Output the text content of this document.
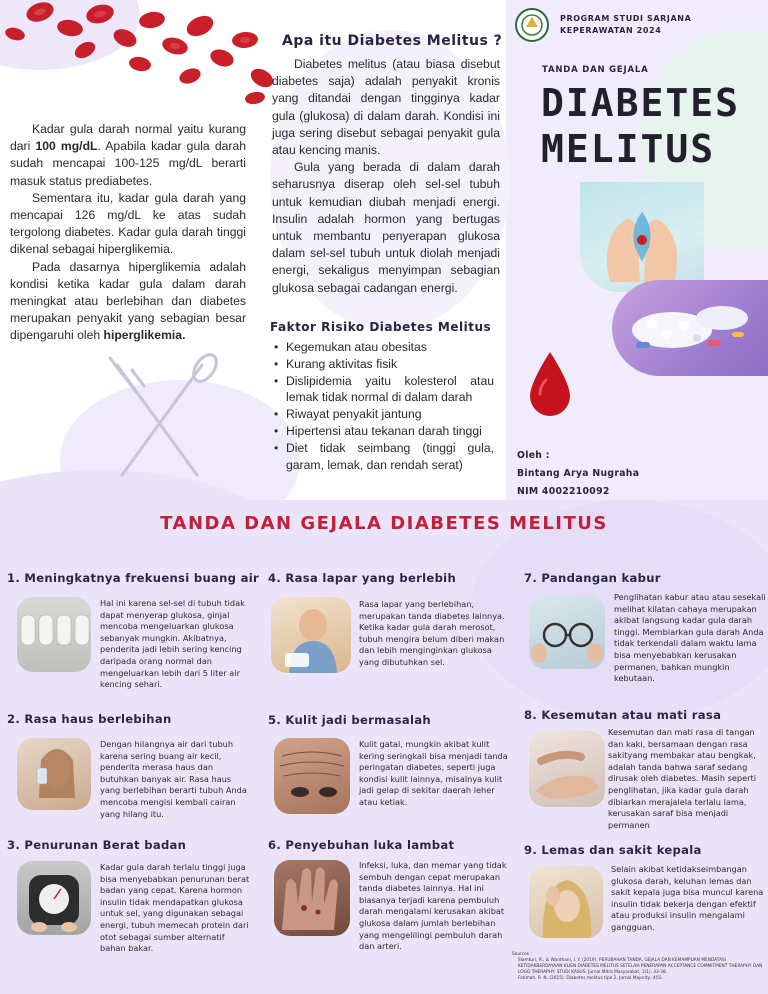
Apa itu Diabetes Melitus ?

Diabetes melitus (atau biasa disebut diabetes saja) adalah penyakit kronis yang ditandai dengan tingginya kadar gula (glukosa) di dalam darah. Kondisi ini juga sering disebut sebagai penyakit gula atau kencing manis.

Gula yang berada di dalam darah seharusnya diserap oleh sel-sel tubuh untuk kemudian diubah menjadi energi. Insulin adalah hormon yang bertugas untuk membantu penyerapan glukosa dalam sel-sel tubuh untuk diolah menjadi energi, sekaligus menyimpan sebagian glukosa sebagai cadangan energi.

Kadar gula darah normal yaitu kurang dari 100 mg/dL. Apabila kadar gula darah sudah mencapai 100-125 mg/dL berarti masuk status prediabetes.

Sementara itu, kadar gula darah yang mencapai 126 mg/dL ke atas sudah tergolong diabetes. Kadar gula darah tinggi dikenal sebagai hiperglikemia.

Pada dasarnya hiperglikemia adalah kondisi ketika kadar gula dalam darah meningkat atau berlebihan dan diabetes merupakan penyakit yang sebagian besar dipengaruhi oleh hiperglikemia.

PROGRAM STUDI SARJANA
KEPERAWATAN 2024
TANDA DAN GEJALA
DIABETES
MELITUS
Oleh :
Bintang Arya Nugraha
NIM 4002210092
Faktor Risiko Diabetes Melitus
• Kegemukan atau obesitas
• Kurang aktivitas fisik
• Dislipidemia yaitu kolesterol atau lemak tidak normal di dalam darah
• Riwayat penyakit jantung
• Hipertensi atau tekanan darah tinggi
• Diet tidak seimbang (tinggi gula, garam, lemak, dan rendah serat)
TANDA DAN GEJALA DIABETES MELITUS
1. Meningkatnya frekuensi buang air
Hal ini karena sel-sel di tubuh tidak dapat menyerap glukosa, ginjal mencoba mengeluarkan glukosa sebanyak mungkin. Akibatnya, penderita jadi lebih sering kencing daripada orang normal dan mengeluarkan lebih dari 5 liter air kencing sehari.
2. Rasa haus berlebihan
Dengan hilangnya air dari tubuh karena sering buang air kecil, penderita merasa haus dan butuhkan banyak air. Rasa haus yang berlebihan berarti tubuh Anda mencoba mengisi kembali cairan yang hilang itu.
3. Penurunan Berat badan
Kadar gula darah terlalu tinggi juga bisa menyebabkan penurunan berat badan yang cepat. Karena hormon insulin tidak mendapatkan glukosa untuk sel, yang digunakan sebagai energi, tubuh memecah protein dari otot sebagai sumber alternatif bahan bakar.
4. Rasa lapar yang berlebih
Rasa lapar yang berlebihan, merupakan tanda diabetes lainnya. Ketika kadar gula darah merosot, tubuh mengira belum diberi makan dan lebih menginginkan glukosa yang dibutuhkan sel.
5. Kulit jadi bermasalah
Kulit gatal, mungkin akibat kulit kering seringkali bisa menjadi tanda peringatan diabetes, seperti juga kondisi kulit lainnya, misalnya kulit jadi gelap di sekitar daerah leher atau ketiak.
6. Penyebuhan luka lambat
Infeksi, luka, dan memar yang tidak sembuh dengan cepat merupakan tanda diabetes lainnya. Hal ini biasanya terjadi karena pembuluh darah mengalami kerusakan akibat glukosa dalam jumlah berlebihan yang mengelilingi pembuluh darah dan arteri.
7. Pandangan kabur
Penglihatan kabur atau atau sesekali melihat kilatan cahaya merupakan akibat langsung kadar gula darah tinggi. Membiarkan gula darah Anda tidak terkendali dalam waktu lama bisa menyebabkan kerusakan permanen, bahkan mungkin kebutaan.
8. Kesemutan atau mati rasa
Kesemutan dan mati rasa di tangan dan kaki, bersamaan dengan rasa sakityang membakar atau bengkak, adalah tanda bahwa saraf sedang dirusak oleh diabetes. Masih seperti penglihatan, jika kadar gula darah dibiarkan merajalela terlalu lama, kerusakan saraf bisa menjadi permanen
9. Lemas dan sakit kepala
Selain akibat ketidakseimbangan glukosa darah, keluhan lemas dan sakit kepala juga bisa muncul karena insulin tidak bekerja dengan efektif atau produksi insulin mengalami gangguan.
Sources :
Slamturi, R., & Wardhani, I. Y. (2019). PERUBAHAN TANDA, GEJALA DAN KEMAMPUAN MENDATASI KETIDAKBERDAYAAN KLIEN DIABETES MELITUS SETELAH PENERAPAN ACCEPTANCE COMMITMENT THERAPHY DAN LOGO THERAPHY: STUDI KASUS. Jurnal Mitra Masyarakat, 1(1), 33-38.
Fatimah, R. N. (2015). Diabetes melitus tipe 2. Jurnal Majority, 4(5).
